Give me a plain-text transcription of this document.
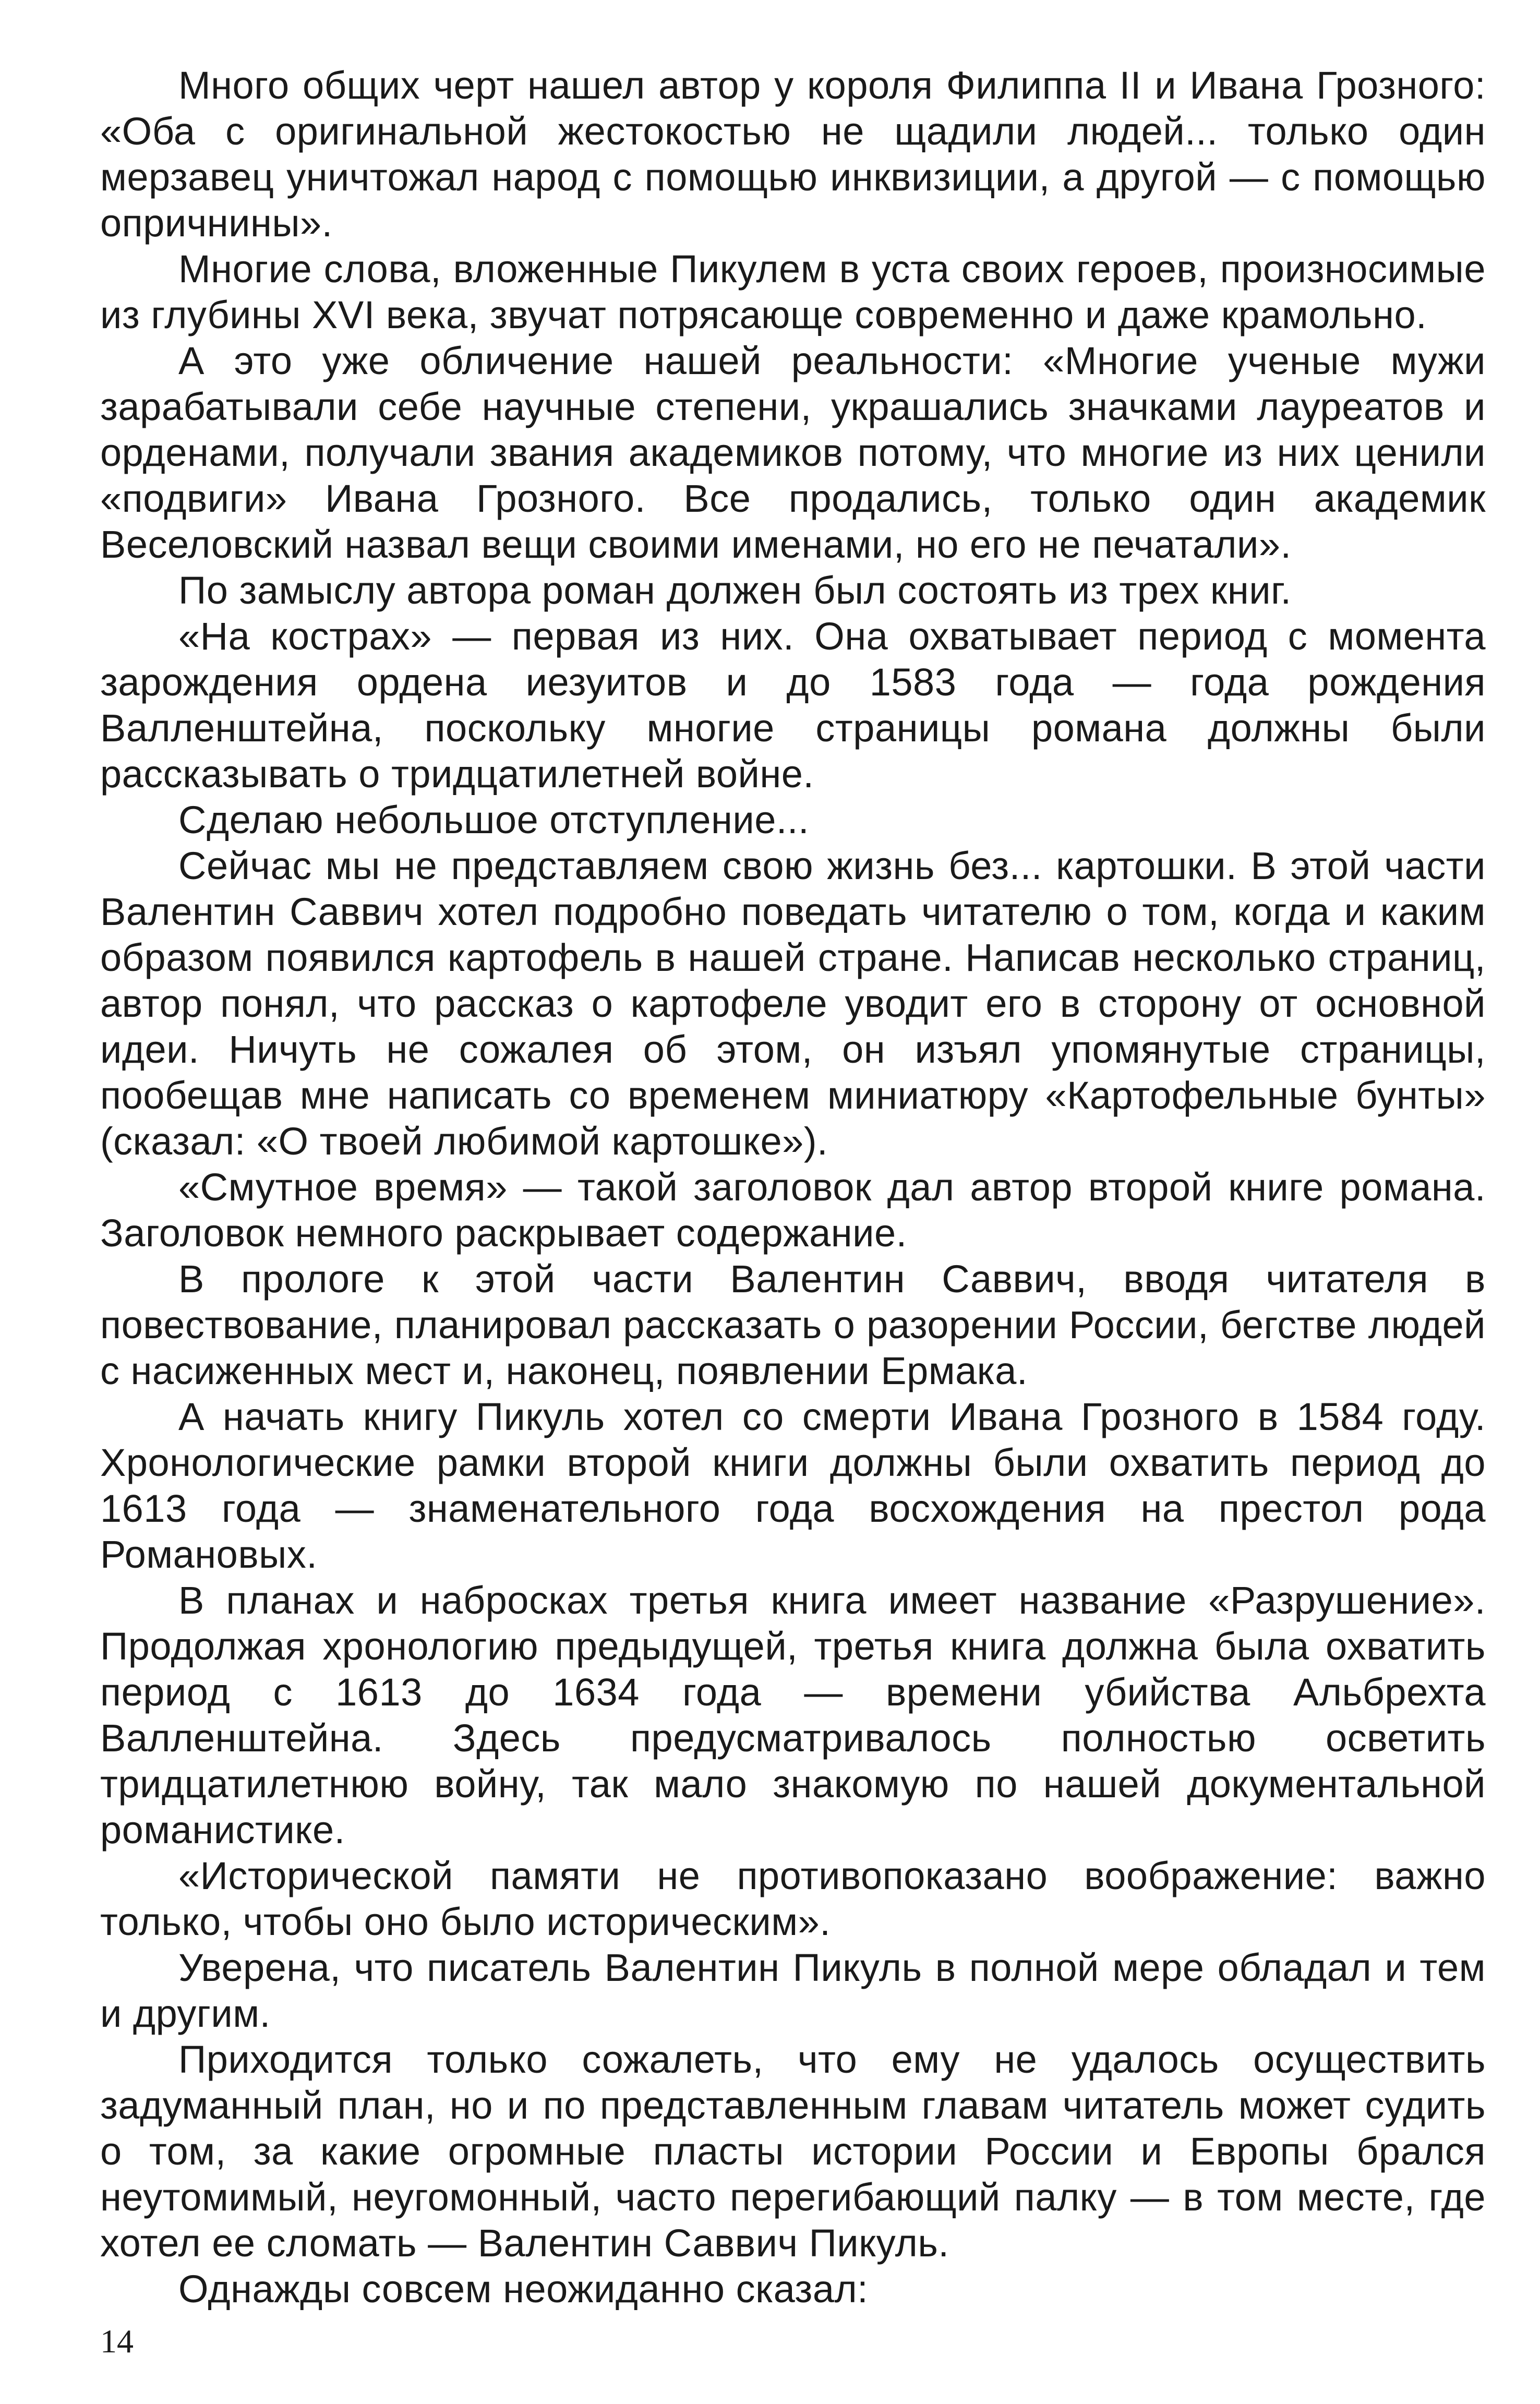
Много общих черт нашел автор у короля Филиппа II и Ивана Грозного: «Оба с оригинальной жестокостью не щадили людей... только один мерзавец уничтожал народ с помощью инквизиции, а другой — с помощью опричнины».

Многие слова, вложенные Пикулем в уста своих героев, произносимые из глубины XVI века, звучат потрясающе современно и даже крамольно.

А это уже обличение нашей реальности: «Многие ученые мужи зарабатывали себе научные степени, украшались значками лауреатов и орденами, получали звания академиков потому, что многие из них ценили «подвиги» Ивана Грозного. Все продались, только один академик Веселовский назвал вещи своими именами, но его не печатали».

По замыслу автора роман должен был состоять из трех книг.

«На кострах» — первая из них. Она охватывает период с момента зарождения ордена иезуитов и до 1583 года — года рождения Валленштейна, поскольку многие страницы романа должны были рассказывать о тридцатилетней войне.

Сделаю небольшое отступление...

Сейчас мы не представляем свою жизнь без... картошки. В этой части Валентин Саввич хотел подробно поведать читателю о том, когда и каким образом появился картофель в нашей стране. Написав несколько страниц, автор понял, что рассказ о картофеле уводит его в сторону от основной идеи. Ничуть не сожалея об этом, он изъял упомянутые страницы, пообещав мне написать со временем миниатюру «Картофельные бунты» (сказал: «О твоей любимой картошке»).

«Смутное время» — такой заголовок дал автор второй книге романа. Заголовок немного раскрывает содержание.

В прологе к этой части Валентин Саввич, вводя читателя в повествование, планировал рассказать о разорении России, бегстве людей с насиженных мест и, наконец, появлении Ермака.

А начать книгу Пикуль хотел со смерти Ивана Грозного в 1584 году. Хронологические рамки второй книги должны были охватить период до 1613 года — знаменательного года восхождения на престол рода Романовых.

В планах и набросках третья книга имеет название «Разрушение». Продолжая хронологию предыдущей, третья книга должна была охватить период с 1613 до 1634 года — времени убийства Альбрехта Валленштейна. Здесь предусматривалось полностью осветить тридцатилетнюю войну, так мало знакомую по нашей документальной романистике.

«Исторической памяти не противопоказано воображение: важно только, чтобы оно было историческим».

Уверена, что писатель Валентин Пикуль в полной мере обладал и тем и другим.

Приходится только сожалеть, что ему не удалось осуществить задуманный план, но и по представленным главам читатель может судить о том, за какие огромные пласты истории России и Европы брался неутомимый, неугомонный, часто перегибающий палку — в том месте, где хотел ее сломать — Валентин Саввич Пикуль.

Однажды совсем неожиданно сказал:

14
